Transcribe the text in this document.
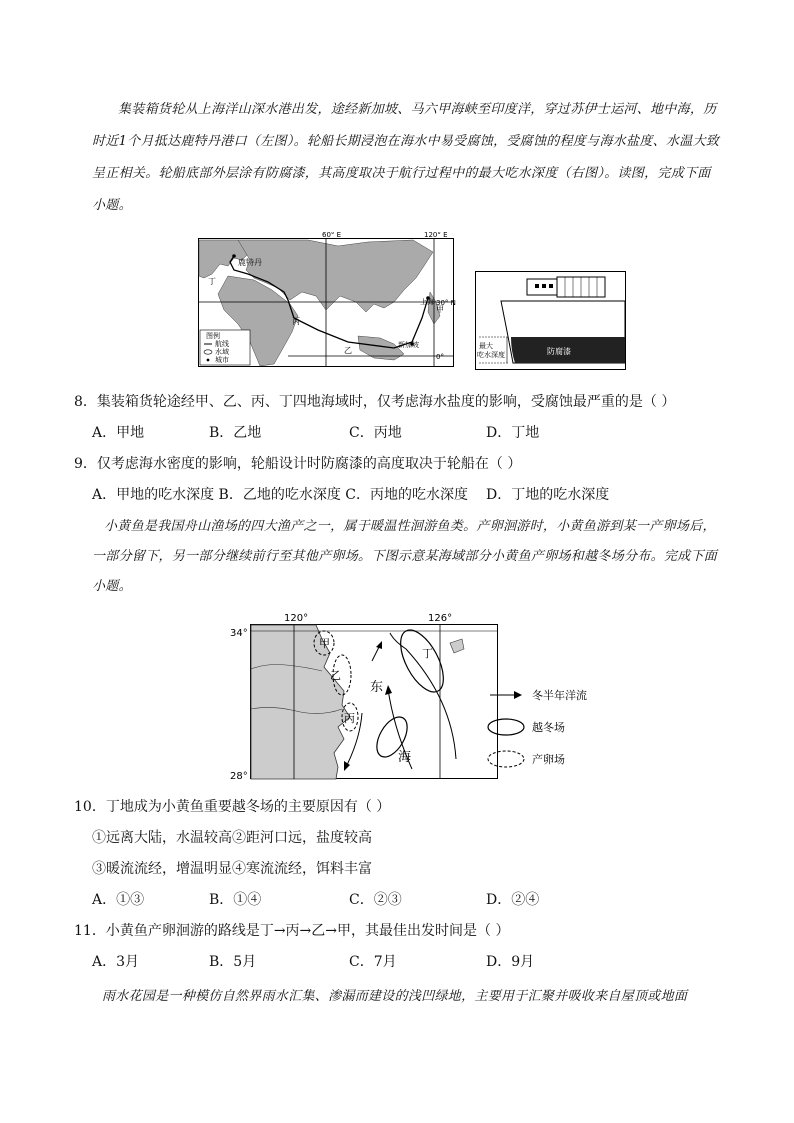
集装箱货轮从上海洋山深水港出发，途经新加坡、马六甲海峡至印度洋，穿过苏伊士运河、地中海，历时近1个月抵达鹿特丹港口（左图）。轮船长期浸泡在海水中易受腐蚀，受腐蚀的程度与海水盐度、水温大致呈正相关。轮船底部外层涂有防腐漆，其高度取决于航行过程中的最大吃水深度（右图）。读图，完成下面小题。
60° E	120° E
30° N
0°
鹿特丹
上海
甲
乙
丙
丁
新加坡
图例
航线
水域
城市
防腐漆
最大
吃水深度
8．集装箱货轮途经甲、乙、丙、丁四地海域时，仅考虑海水盐度的影响，受腐蚀最严重的是（ ）
A．甲地	B．乙地	C．丙地	D．丁地
9．仅考虑海水密度的影响，轮船设计时防腐漆的高度取决于轮船在（ ）
A．甲地的吃水深度 B．乙地的吃水深度 C．丙地的吃水深度 D．丁地的吃水深度
小黄鱼是我国舟山渔场的四大渔产之一，属于暖温性洄游鱼类。产卵洄游时，小黄鱼游到某一产卵场后，一部分留下，另一部分继续前行至其他产卵场。下图示意某海域部分小黄鱼产卵场和越冬场分布。完成下面小题。
120°	126°
34°
28°
甲
乙
丙
丁
东
海
冬半年洋流
越冬场
产卵场
10．丁地成为小黄鱼重要越冬场的主要原因有（ ）
①远离大陆，水温较高②距河口远，盐度较高
③暖流流经，增温明显④寒流流经，饵料丰富
A．①③	B．①④	C．②③	D．②④
11．小黄鱼产卵洄游的路线是丁→丙→乙→甲，其最佳出发时间是（ ）
A．3月	B．5月	C．7月	D．9月
雨水花园是一种模仿自然界雨水汇集、渗漏而建设的浅凹绿地，主要用于汇聚并吸收来自屋顶或地面
